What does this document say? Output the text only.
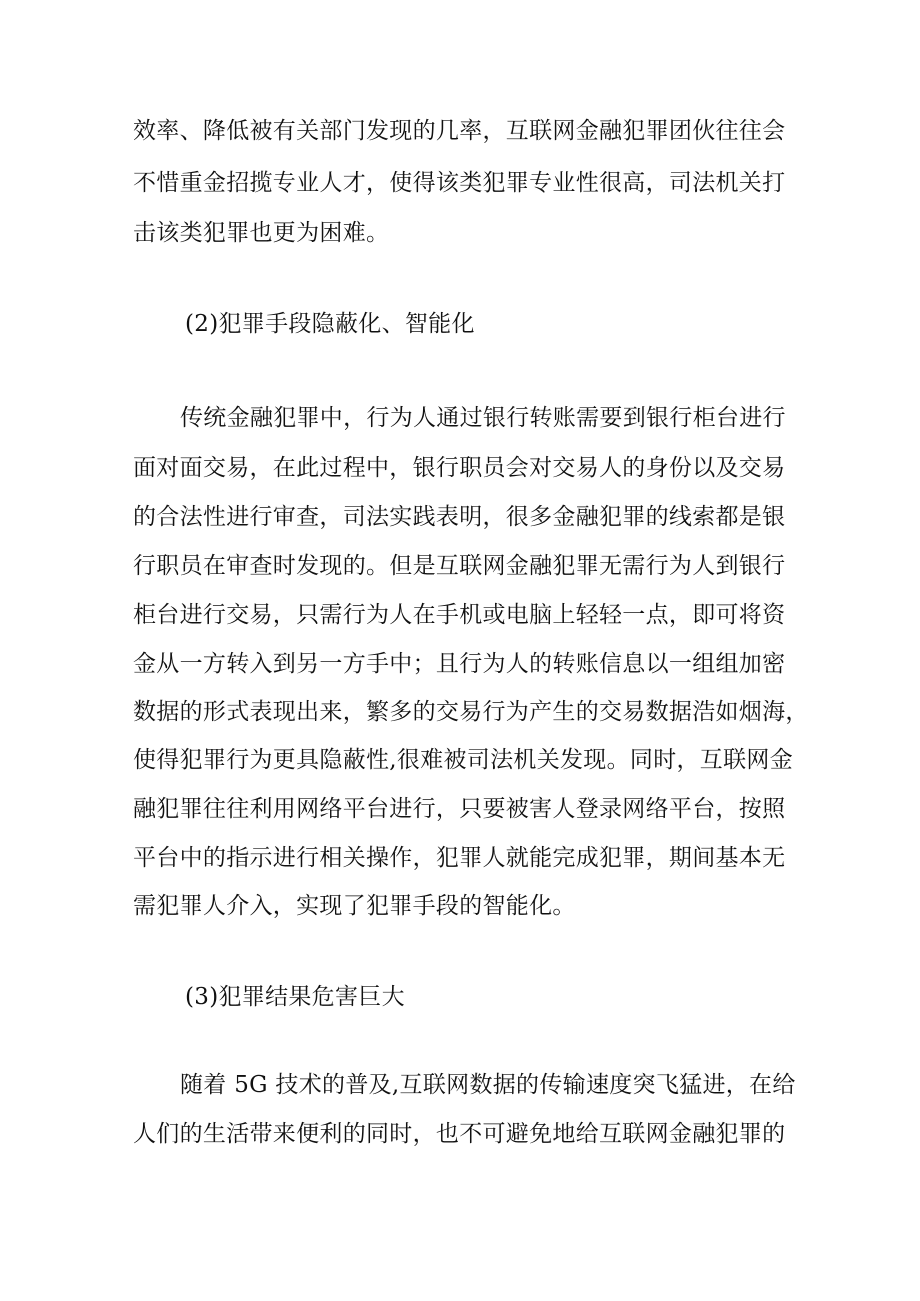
效率、降低被有关部门发现的几率，互联网金融犯罪团伙往往会
不惜重金招揽专业人才，使得该类犯罪专业性很高，司法机关打
击该类犯罪也更为困难。
(2)犯罪手段隐蔽化、智能化
传统金融犯罪中，行为人通过银行转账需要到银行柜台进行
面对面交易，在此过程中，银行职员会对交易人的身份以及交易
的合法性进行审查，司法实践表明，很多金融犯罪的线索都是银
行职员在审查时发现的。但是互联网金融犯罪无需行为人到银行
柜台进行交易，只需行为人在手机或电脑上轻轻一点，即可将资
金从一方转入到另一方手中；且行为人的转账信息以一组组加密
数据的形式表现出来，繁多的交易行为产生的交易数据浩如烟海，
使得犯罪行为更具隐蔽性,很难被司法机关发现。同时，互联网金
融犯罪往往利用网络平台进行，只要被害人登录网络平台，按照
平台中的指示进行相关操作，犯罪人就能完成犯罪，期间基本无
需犯罪人介入，实现了犯罪手段的智能化。
(3)犯罪结果危害巨大
随着 5G 技术的普及,互联网数据的传输速度突飞猛进，在给
人们的生活带来便利的同时，也不可避免地给互联网金融犯罪的
